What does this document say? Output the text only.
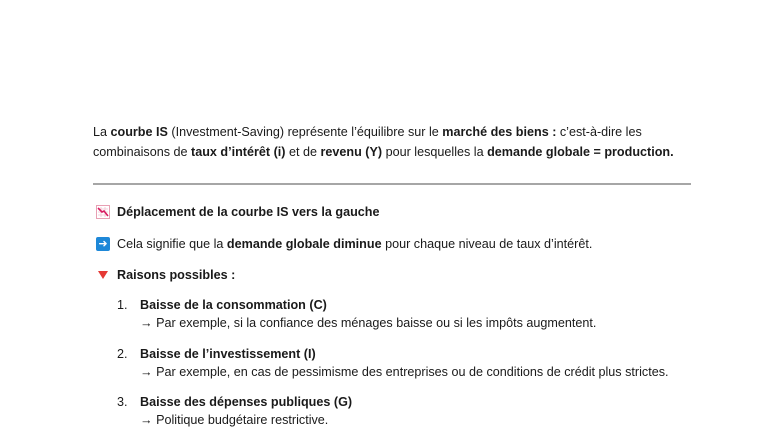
La courbe IS (Investment-Saving) représente l’équilibre sur le marché des biens : c’est-à-dire les combinaisons de taux d’intérêt (i) et de revenu (Y) pour lesquelles la demande globale = production.
Déplacement de la courbe IS vers la gauche
➜ Cela signifie que la
demande globale diminue
pour chaque niveau de taux d’intérêt.
Raisons possibles :
1. Baisse de la consommation (C)
→ Par exemple, si la confiance des ménages baisse ou si les impôts augmentent.
2. Baisse de l’investissement (I)
→ Par exemple, en cas de pessimisme des entreprises ou de conditions de crédit plus strictes.
3. Baisse des dépenses publiques (G)
→ Politique budgétaire restrictive.
